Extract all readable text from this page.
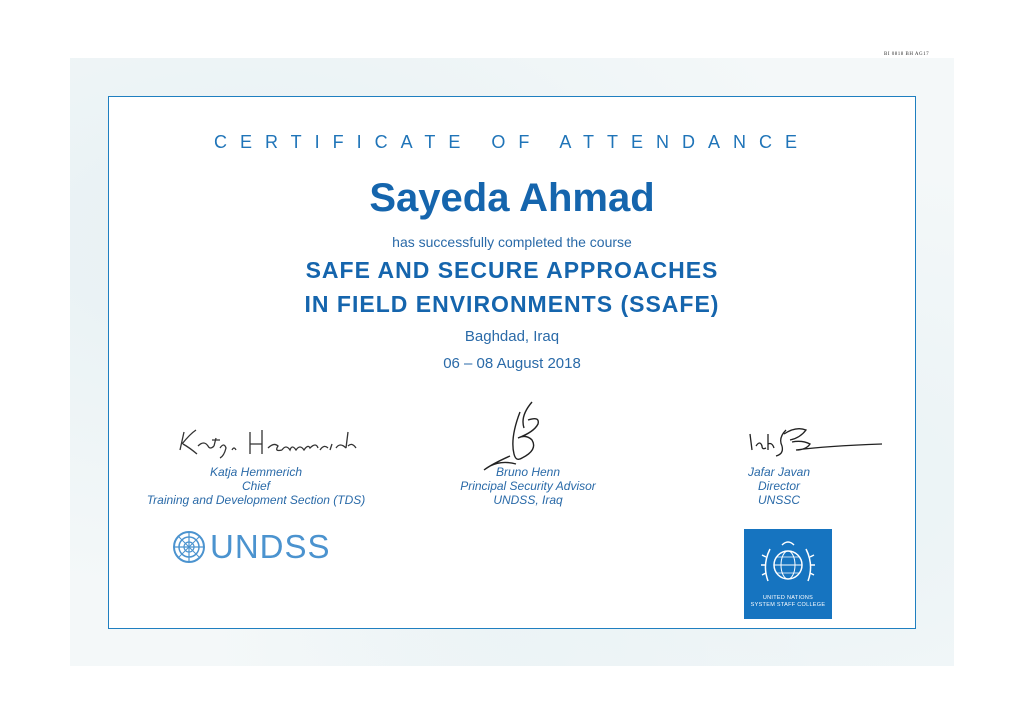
BI 0818 BH AG17
CERTIFICATE OF ATTENDANCE
Sayeda Ahmad
has successfully completed the course
SAFE AND SECURE APPROACHES
IN FIELD ENVIRONMENTS (SSAFE)
Baghdad, Iraq
06 – 08 August 2018
Katja Hemmerich
Chief
Training and Development Section (TDS)
Bruno Henn
Principal Security Advisor
UNDSS, Iraq
Jafar Javan
Director
UNSSC
UNDSS
UNITED NATIONS
SYSTEM STAFF COLLEGE
